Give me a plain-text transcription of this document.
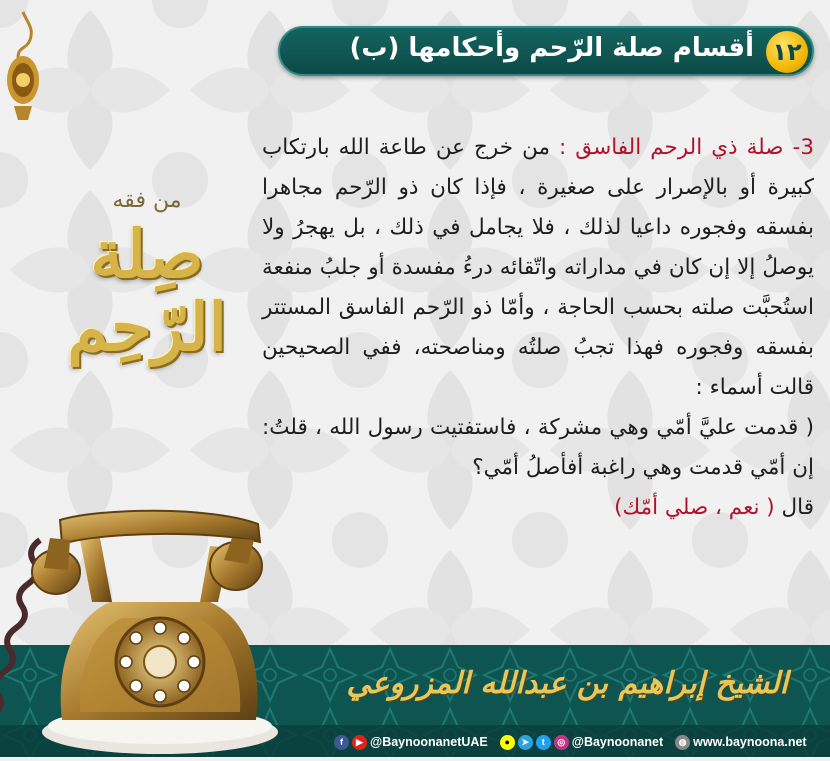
أقسام صلة الرّحم وأحكامها (ب) ١٢
من فقه
صِلة الرّحِم

3- صلة ذي الرحم الفاسق : من خرج عن طاعة الله بارتكاب كبيرة أو بالإصرار على صغيرة ، فإذا كان ذو الرّحم مجاهرا بفسقه وفجوره داعيا لذلك ، فلا يجامل في ذلك ، بل يهجرُ ولا يوصلُ إلا إن كان في مداراته واتّقائه درءُ مفسدة أو جلبُ منفعة استُحبَّت صلته بحسب الحاجة ، وأمّا ذو الرّحم الفاسق المستتر بفسقه وفجوره فهذا تجبُ صلتُه ومناصحته، ففي الصحيحين قالت أسماء :

( قدمت عليَّ أمّي وهي مشركة ، فاستفتيت رسول الله ، قلتُ: إن أمّي قدمت وهي راغبة أفأصلُ أمّي؟

قال ( نعم ، صلي أمّك)

الشيخ إبراهيم بن عبدالله المزروعي
f	▶ @BaynoonanetUAE	●	➤	t	◎ @Baynoonanet	◍ www.baynoona.net
